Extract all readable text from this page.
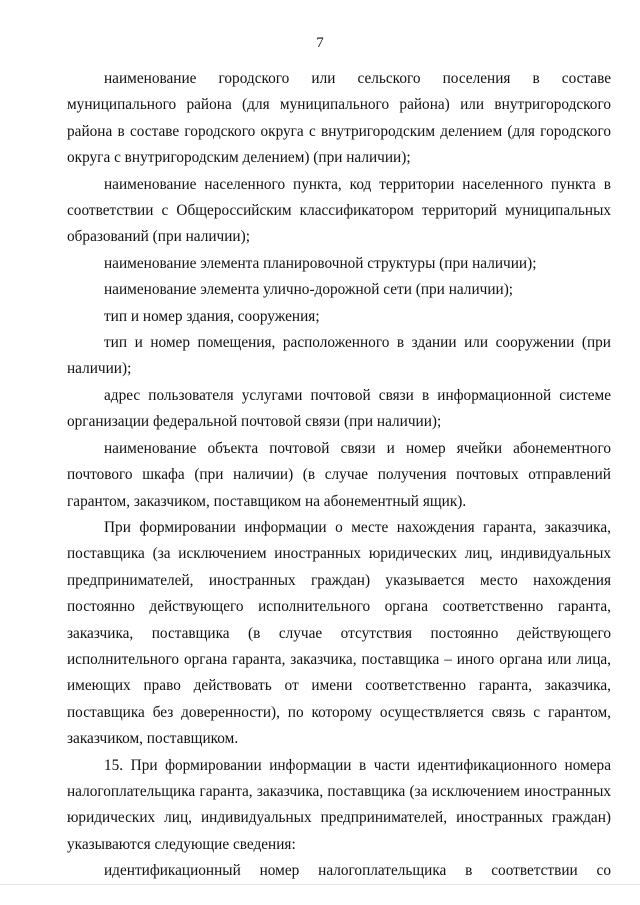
7

наименование городского или сельского поселения в составе муниципального района (для муниципального района) или внутригородского района в составе городского округа с внутригородским делением (для городского округа с внутригородским делением) (при наличии);

наименование населенного пункта, код территории населенного пункта в соответствии с Общероссийским классификатором территорий муниципальных образований (при наличии);

наименование элемента планировочной структуры (при наличии);

наименование элемента улично-дорожной сети (при наличии);

тип и номер здания, сооружения;

тип и номер помещения, расположенного в здании или сооружении (при наличии);

адрес пользователя услугами почтовой связи в информационной системе организации федеральной почтовой связи (при наличии);

наименование объекта почтовой связи и номер ячейки абонементного почтового шкафа (при наличии) (в случае получения почтовых отправлений гарантом, заказчиком, поставщиком на абонементный ящик).

При формировании информации о месте нахождения гаранта, заказчика, поставщика (за исключением иностранных юридических лиц, индивидуальных предпринимателей, иностранных граждан) указывается место нахождения постоянно действующего исполнительного органа соответственно гаранта, заказчика, поставщика (в случае отсутствия постоянно действующего исполнительного органа гаранта, заказчика, поставщика – иного органа или лица, имеющих право действовать от имени соответственно гаранта, заказчика, поставщика без доверенности), по которому осуществляется связь с гарантом, заказчиком, поставщиком.

15. При формировании информации в части идентификационного номера налогоплательщика гаранта, заказчика, поставщика (за исключением иностранных юридических лиц, индивидуальных предпринимателей, иностранных граждан) указываются следующие сведения:

идентификационный номер налогоплательщика в соответствии со
